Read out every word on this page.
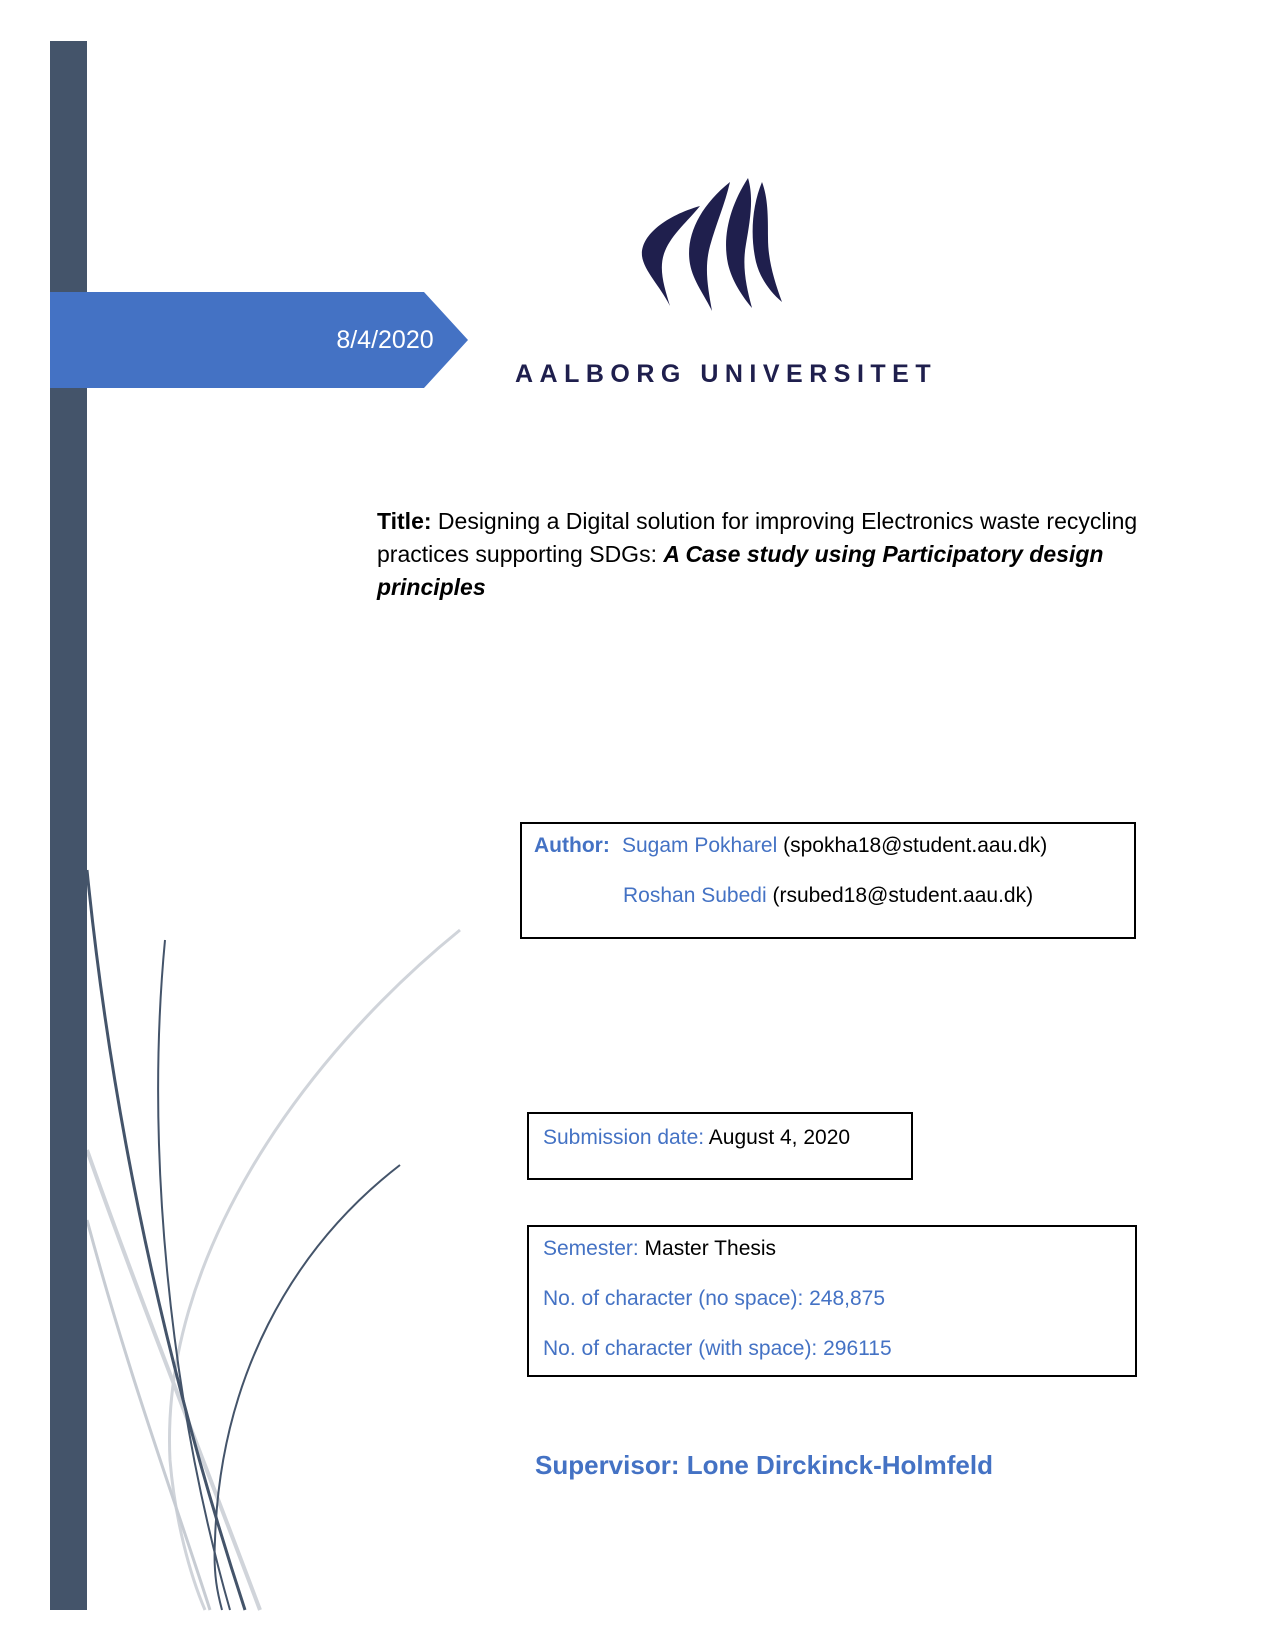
8/4/2020
AALBORG UNIVERSITET
Title: Designing a Digital solution for improving Electronics waste recycling practices supporting SDGs: A Case study using Participatory design principles
Author: Sugam Pokharel (spokha18@student.aau.dk)
Roshan Subedi (rsubed18@student.aau.dk)
Submission date: August 4, 2020
Semester: Master Thesis
No. of character (no space): 248,875
No. of character (with space): 296115
Supervisor: Lone Dirckinck-Holmfeld
